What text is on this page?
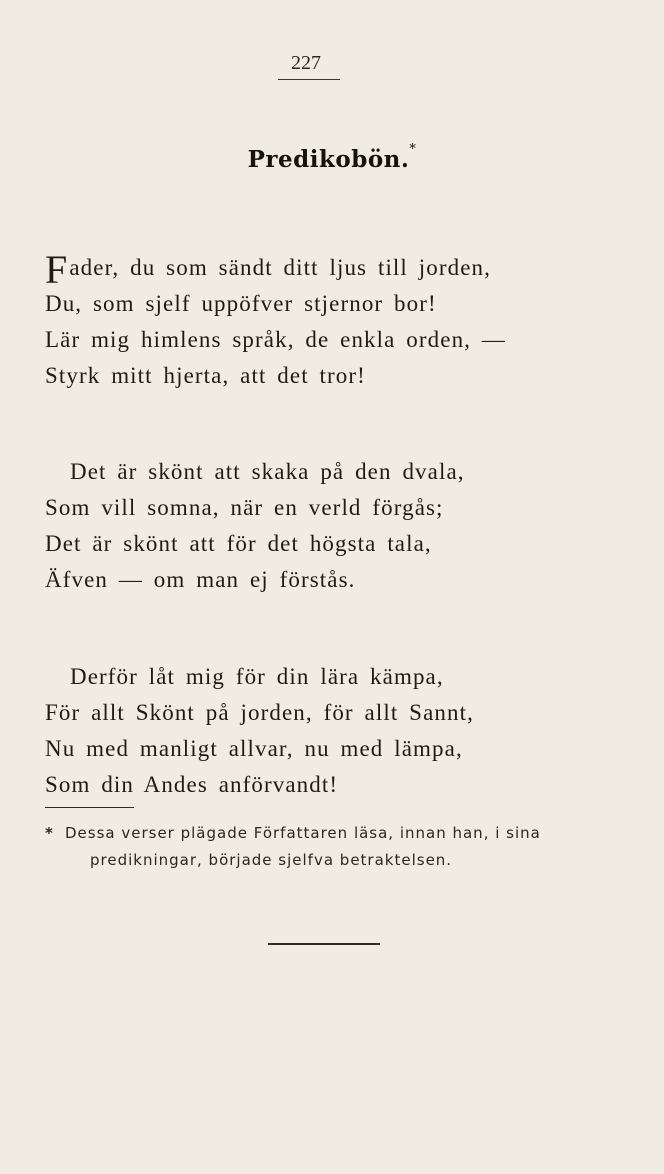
227
Predikobön.*
Fader, du som sändt ditt ljus till jorden,
Du, som sjelf uppöfver stjernor bor!
Lär mig himlens språk, de enkla orden, —
Styrk mitt hjerta, att det tror!
Det är skönt att skaka på den dvala,
Som vill somna, när en verld förgås;
Det är skönt att för det högsta tala,
Äfven — om man ej förstås.
Derför låt mig för din lära kämpa,
För allt Skönt på jorden, för allt Sannt,
Nu med manligt allvar, nu med lämpa,
Som din Andes anförvandt!
* Dessa verser plägade Författaren läsa, innan han, i sina
predikningar, började sjelfva betraktelsen.
